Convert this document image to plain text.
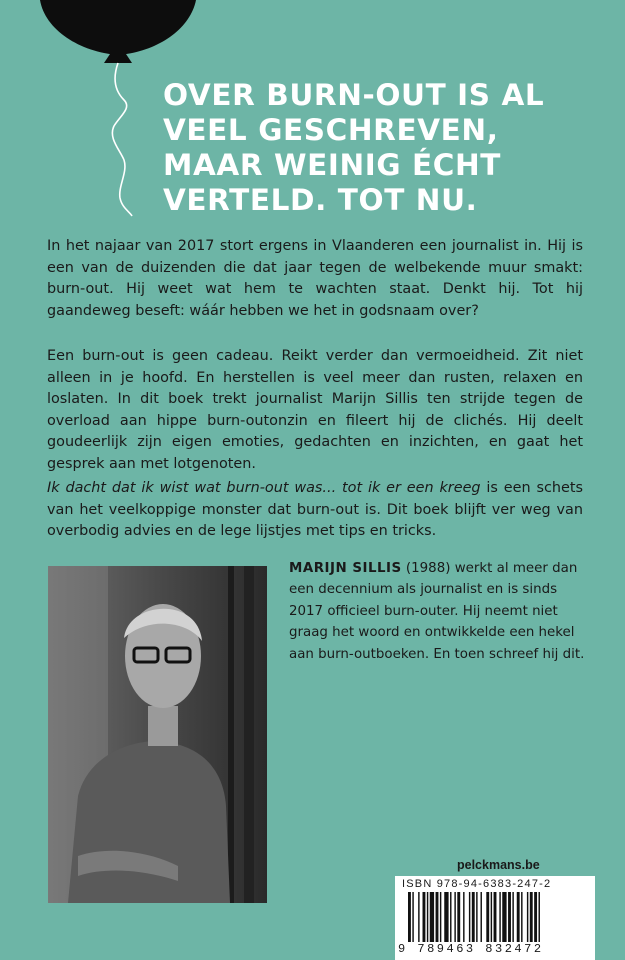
OVER BURN-OUT IS AL
VEEL GESCHREVEN,
MAAR WEINIG ÉCHT
VERTELD. TOT NU.
In het najaar van 2017 stort ergens in Vlaanderen een journalist in. Hij is een van de duizenden die dat jaar tegen de welbekende muur smakt: burn-out. Hij weet wat hem te wachten staat. Denkt hij. Tot hij gaandeweg beseft: wáár hebben we het in godsnaam over?
Een burn-out is geen cadeau. Reikt verder dan vermoeidheid. Zit niet alleen in je hoofd. En herstellen is veel meer dan rusten, relaxen en loslaten. In dit boek trekt journalist Marijn Sillis ten strijde tegen de overload aan hippe burn-outonzin en fileert hij de clichés. Hij deelt goudeerlijk zijn eigen emoties, gedachten en inzichten, en gaat het gesprek aan met lotgenoten.
Ik dacht dat ik wist wat burn-out was... tot ik er een kreeg is een schets van het veelkoppige monster dat burn-out is. Dit boek blijft ver weg van overbodig advies en de lege lijstjes met tips en tricks.
MARIJN SILLIS (1988) werkt al meer dan een decennium als journalist en is sinds 2017 officieel burn-outer. Hij neemt niet graag het woord en ontwikkelde een hekel aan burn-outboeken. En toen schreef hij dit.
pelckmans.be
ISBN 978-94-6383-247-2
9 789463 832472
